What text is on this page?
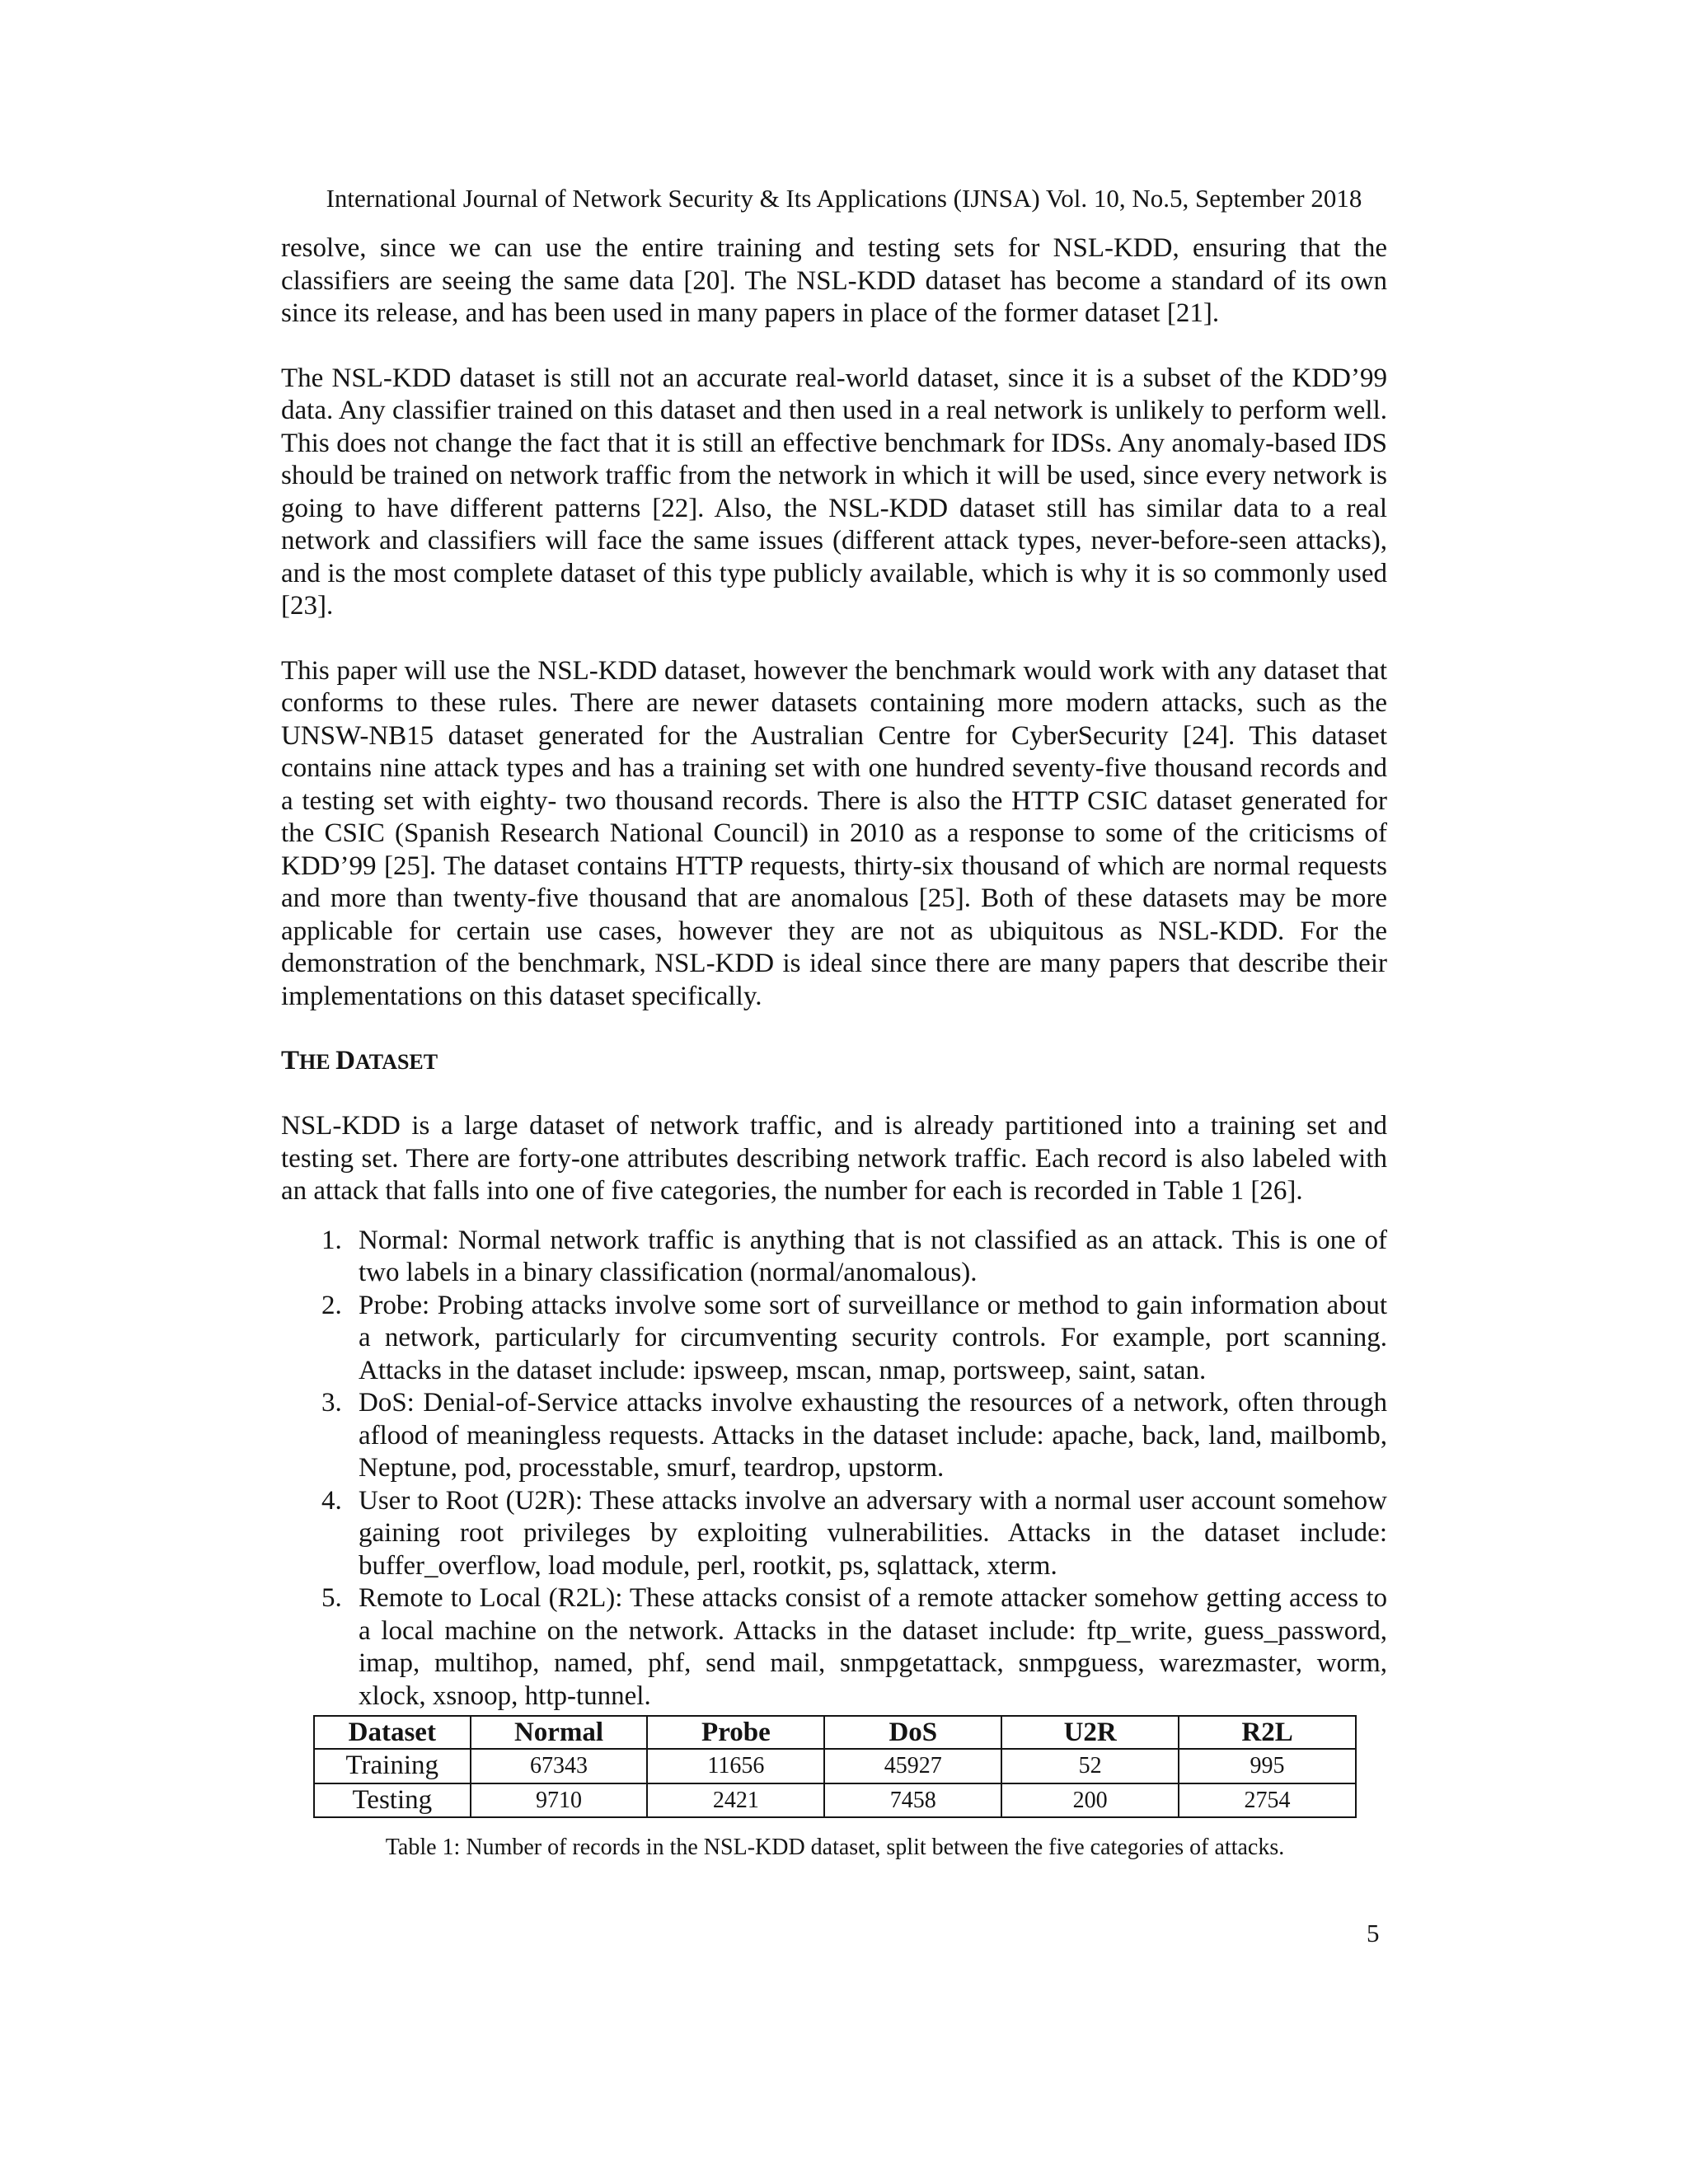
International Journal of Network Security & Its Applications (IJNSA) Vol. 10, No.5, September 2018

resolve, since we can use the entire training and testing sets for NSL-KDD, ensuring that the classifiers are seeing the same data [20]. The NSL-KDD dataset has become a standard of its own since its release, and has been used in many papers in place of the former dataset [21].

The NSL-KDD dataset is still not an accurate real-world dataset, since it is a subset of the KDD’99 data. Any classifier trained on this dataset and then used in a real network is unlikely to perform well. This does not change the fact that it is still an effective benchmark for IDSs. Any anomaly-based IDS should be trained on network traffic from the network in which it will be used, since every network is going to have different patterns [22]. Also, the NSL-KDD dataset still has similar data to a real network and classifiers will face the same issues (different attack types, never-before-seen attacks), and is the most complete dataset of this type publicly available, which is why it is so commonly used [23].

This paper will use the NSL-KDD dataset, however the benchmark would work with any dataset that conforms to these rules. There are newer datasets containing more modern attacks, such as the UNSW-NB15 dataset generated for the Australian Centre for CyberSecurity [24]. This dataset contains nine attack types and has a training set with one hundred seventy-five thousand records and a testing set with eighty- two thousand records. There is also the HTTP CSIC dataset generated for the CSIC (Spanish Research National Council) in 2010 as a response to some of the criticisms of KDD’99 [25]. The dataset contains HTTP requests, thirty-six thousand of which are normal requests and more than twenty-five thousand that are anomalous [25]. Both of these datasets may be more applicable for certain use cases, however they are not as ubiquitous as NSL-KDD. For the demonstration of the benchmark, NSL-KDD is ideal since there are many papers that describe their implementations on this dataset specifically.

THE DATASET

NSL-KDD is a large dataset of network traffic, and is already partitioned into a training set and testing set. There are forty-one attributes describing network traffic. Each record is also labeled with an attack that falls into one of five categories, the number for each is recorded in Table 1 [26].

1. Normal: Normal network traffic is anything that is not classified as an attack. This is one of two labels in a binary classification (normal/anomalous).
2. Probe: Probing attacks involve some sort of surveillance or method to gain information about a network, particularly for circumventing security controls. For example, port scanning. Attacks in the dataset include: ipsweep, mscan, nmap, portsweep, saint, satan.
3. DoS: Denial-of-Service attacks involve exhausting the resources of a network, often through aflood of meaningless requests. Attacks in the dataset include: apache, back, land, mailbomb, Neptune, pod, processtable, smurf, teardrop, upstorm.
4. User to Root (U2R): These attacks involve an adversary with a normal user account somehow
gaining root privileges by exploiting vulnerabilities. Attacks in the dataset include: buffer_overflow, load module, perl, rootkit, ps, sqlattack, xterm.
5. Remote to Local (R2L): These attacks consist of a remote attacker somehow getting access to a local machine on the network. Attacks in the dataset include: ftp_write, guess_password, imap, multihop, named, phf, send mail, snmpgetattack, snmpguess, warezmaster, worm, xlock, xsnoop, http-tunnel.
Dataset	Normal	Probe	DoS	U2R	R2L
Training	67343	11656	45927	52	995
Testing	9710	2421	7458	200	2754
Table 1: Number of records in the NSL-KDD dataset, split between the five categories of attacks.
5
